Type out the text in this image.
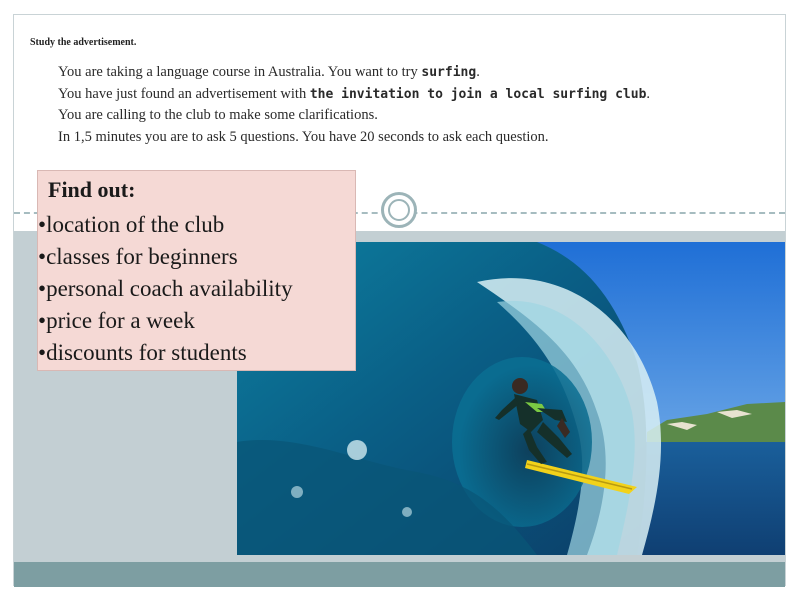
Study the advertisement.
You are taking a language course in Australia. You want to try surfing.
You have just found an advertisement with the invitation to join a local surfing club.
You are calling to the club to make some clarifications.
In 1,5 minutes you are to ask 5 questions. You have 20 seconds to ask each question.
Find out:
•location of the club
•classes for beginners
•personal coach availability
•price for a week
•discounts for students
